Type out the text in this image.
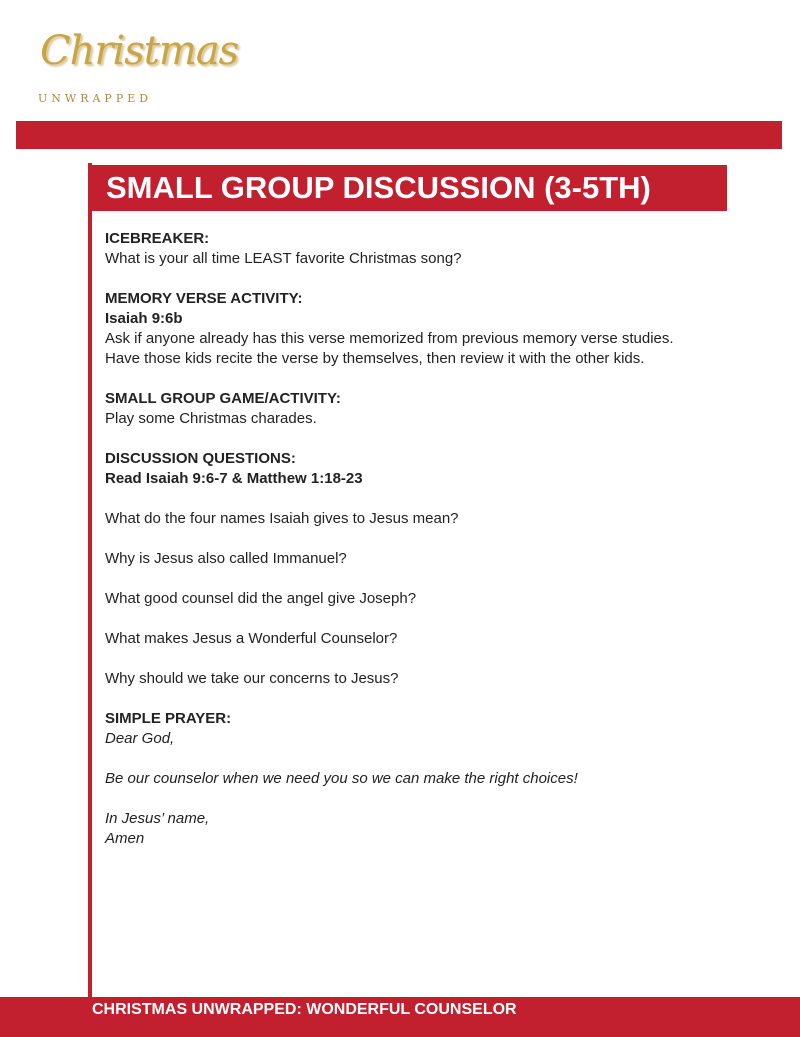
Christmas
UNWRAPPED
SMALL GROUP DISCUSSION (3-5TH)

ICEBREAKER:

What is your all time LEAST favorite Christmas song?

MEMORY VERSE ACTIVITY:

Isaiah 9:6b

Ask if anyone already has this verse memorized from previous memory verse studies.

Have those kids recite the verse by themselves, then review it with the other kids.

SMALL GROUP GAME/ACTIVITY:

Play some Christmas charades.

DISCUSSION QUESTIONS:

Read Isaiah 9:6-7 & Matthew 1:18-23

What do the four names Isaiah gives to Jesus mean?

Why is Jesus also called Immanuel?

What good counsel did the angel give Joseph?

What makes Jesus a Wonderful Counselor?

Why should we take our concerns to Jesus?

SIMPLE PRAYER:

Dear God,

Be our counselor when we need you so we can make the right choices!

In Jesus’ name,

Amen

CHRISTMAS UNWRAPPED: WONDERFUL COUNSELOR
